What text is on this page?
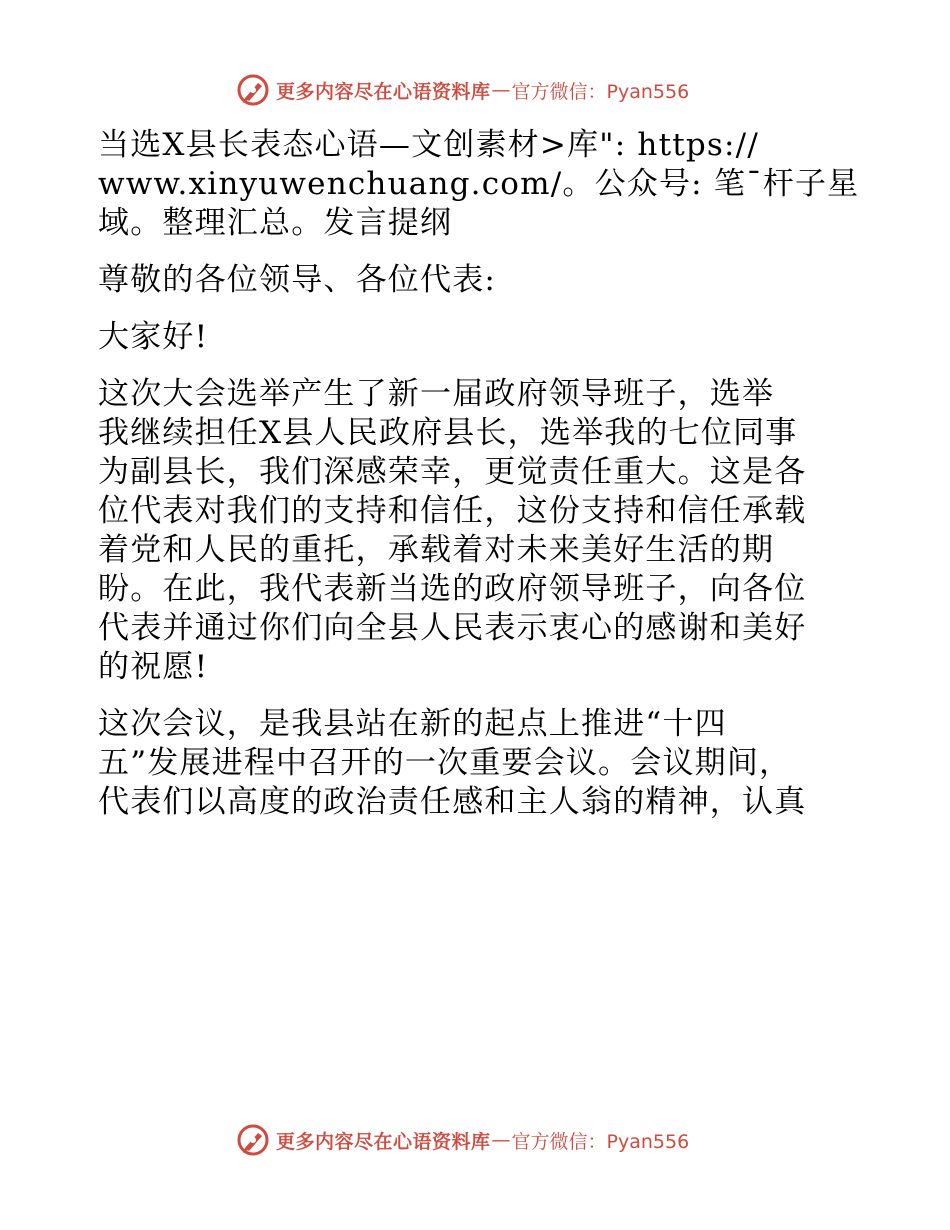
更多内容尽在心语资料库 — 官方微信：Pyan556
当选X县长表态心语—文创素材>库": https://
www.xinyuwenchuang.com/。公众号: 笔¯杆子星
域。整理汇总。发言提纲
尊敬的各位领导、各位代表:
大家好!
这次大会选举产生了新一届政府领导班子，选举
我继续担任X县人民政府县长，选举我的七位同事
为副县长，我们深感荣幸，更觉责任重大。这是各
位代表对我们的支持和信任，这份支持和信任承载
着党和人民的重托，承载着对未来美好生活的期
盼。在此，我代表新当选的政府领导班子，向各位
代表并通过你们向全县人民表示衷心的感谢和美好
的祝愿!
这次会议，是我县站在新的起点上推进“十四
五”发展进程中召开的一次重要会议。会议期间，
代表们以高度的政治责任感和主人翁的精神，认真
更多内容尽在心语资料库 — 官方微信：Pyan556
